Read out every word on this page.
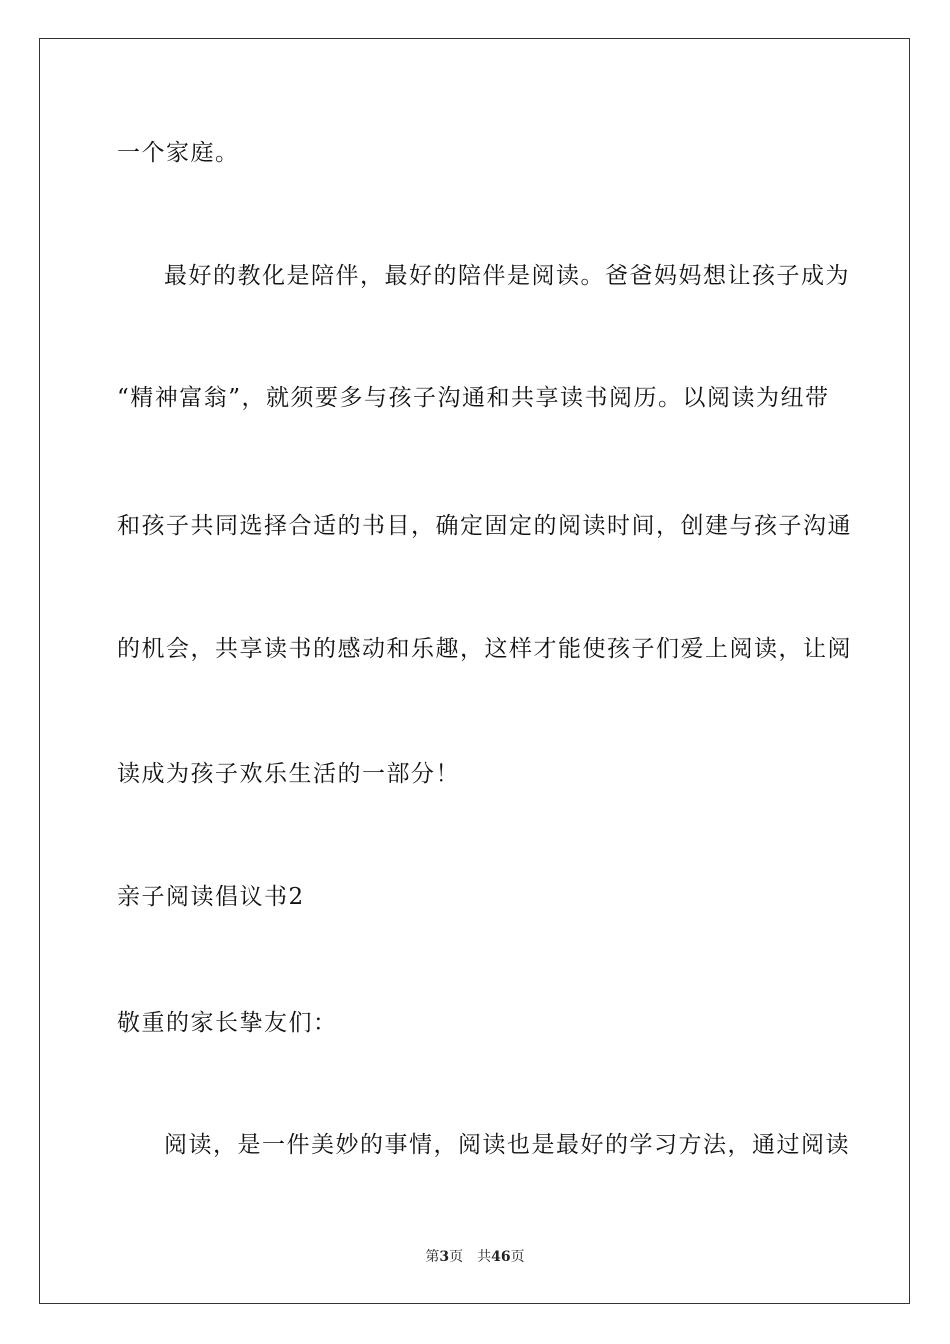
一个家庭。
最好的教化是陪伴，最好的陪伴是阅读。爸爸妈妈想让孩子成为
“精神富翁”，就须要多与孩子沟通和共享读书阅历。以阅读为纽带
和孩子共同选择合适的书目，确定固定的阅读时间，创建与孩子沟通
的机会，共享读书的感动和乐趣，这样才能使孩子们爱上阅读，让阅
读成为孩子欢乐生活的一部分！
亲子阅读倡议书2
敬重的家长挚友们：
阅读，是一件美妙的事情，阅读也是最好的学习方法，通过阅读
第3页 共46页
